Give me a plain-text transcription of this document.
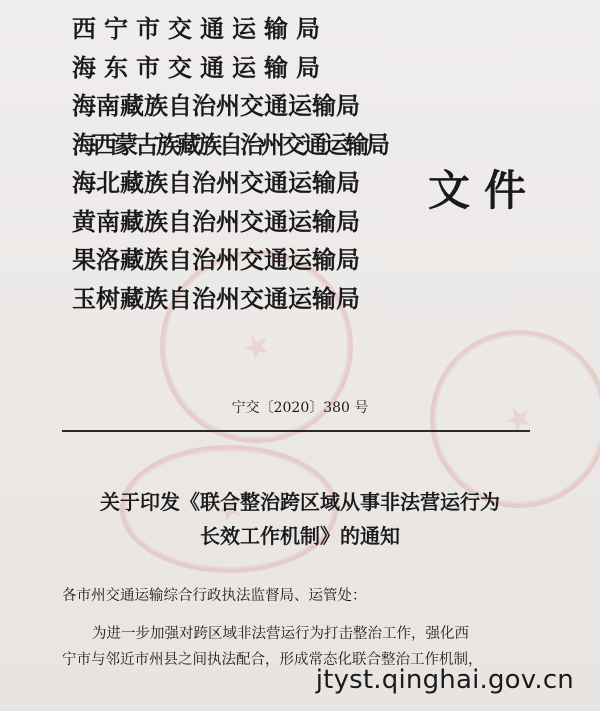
西宁市交通运输局
海东市交通运输局
海南藏族自治州交通运输局
海西蒙古族藏族自治州交通运输局
海北藏族自治州交通运输局
黄南藏族自治州交通运输局
果洛藏族自治州交通运输局
玉树藏族自治州交通运输局
文件
宁交〔2020〕380 号
关于印发《联合整治跨区域从事非法营运行为
长效工作机制》的通知
各市州交通运输综合行政执法监督局、运管处：
为进一步加强对跨区域非法营运行为打击整治工作，强化西
宁市与邻近市州县之间执法配合，形成常态化联合整治工作机制，
jtyst.qinghai.gov.cn
